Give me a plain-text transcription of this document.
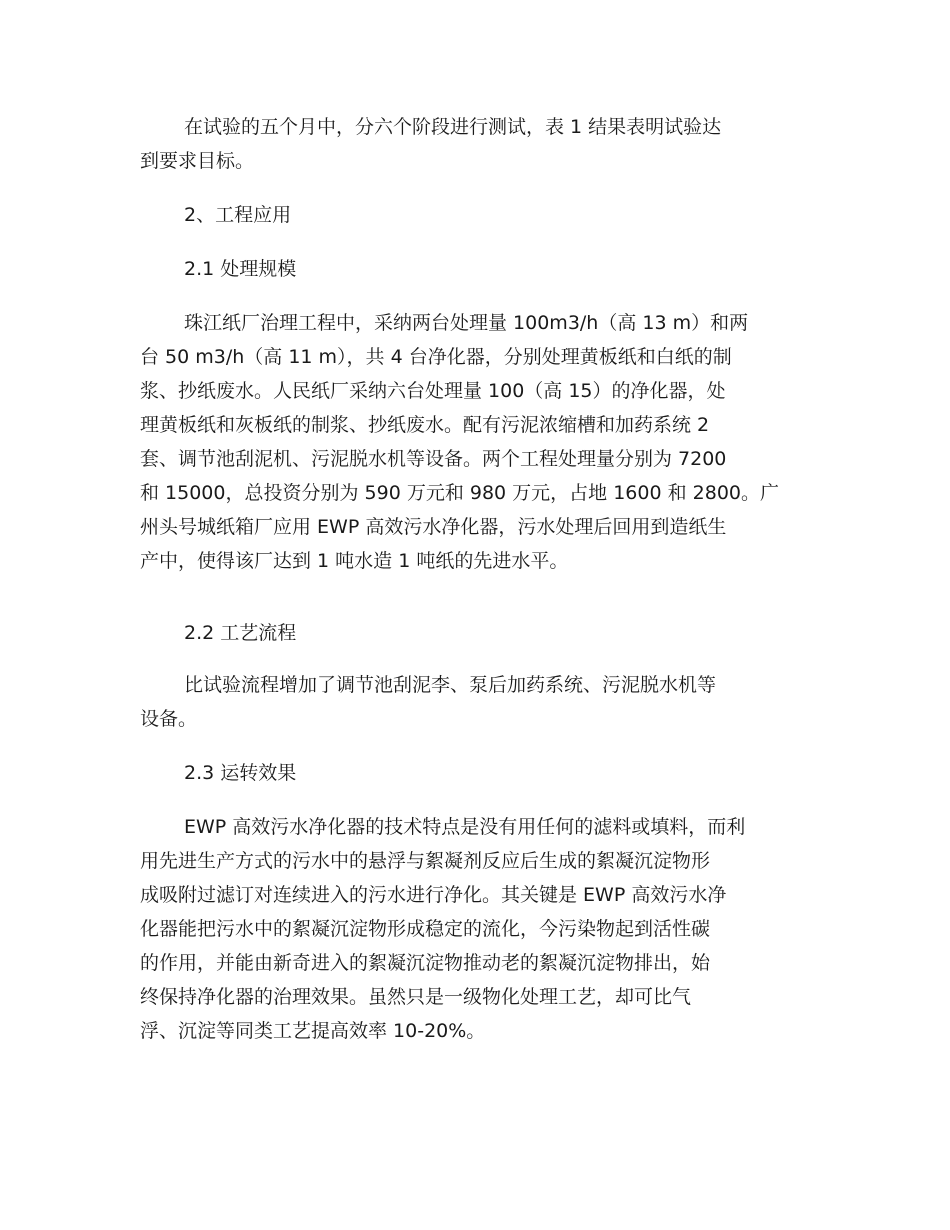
在试验的五个月中，分六个阶段进行测试，表 1 结果表明试验达
到要求目标。
2、工程应用
2.1 处理规模
珠江纸厂治理工程中，采纳两台处理量 100m3/h（高 13 m）和两
台 50 m3/h（高 11 m），共 4 台净化器，分别处理黄板纸和白纸的制
浆、抄纸废水。人民纸厂采纳六台处理量 100（高 15）的净化器，处
理黄板纸和灰板纸的制浆、抄纸废水。配有污泥浓缩槽和加药系统 2
套、调节池刮泥机、污泥脱水机等设备。两个工程处理量分别为 7200
和 15000，总投资分别为 590 万元和 980 万元，占地 1600 和 2800。广
州头号城纸箱厂应用 EWP 高效污水净化器，污水处理后回用到造纸生
产中，使得该厂达到 1 吨水造 1 吨纸的先进水平。
2.2 工艺流程
比试验流程增加了调节池刮泥李、泵后加药系统、污泥脱水机等
设备。
2.3 运转效果
EWP 高效污水净化器的技术特点是没有用任何的滤料或填料，而利
用先进生产方式的污水中的悬浮与絮凝剂反应后生成的絮凝沉淀物形
成吸附过滤订对连续进入的污水进行净化。其关键是 EWP 高效污水净
化器能把污水中的絮凝沉淀物形成稳定的流化，今污染物起到活性碳
的作用，并能由新奇进入的絮凝沉淀物推动老的絮凝沉淀物排出，始
终保持净化器的治理效果。虽然只是一级物化处理工艺，却可比气
浮、沉淀等同类工艺提高效率 10-20%。
